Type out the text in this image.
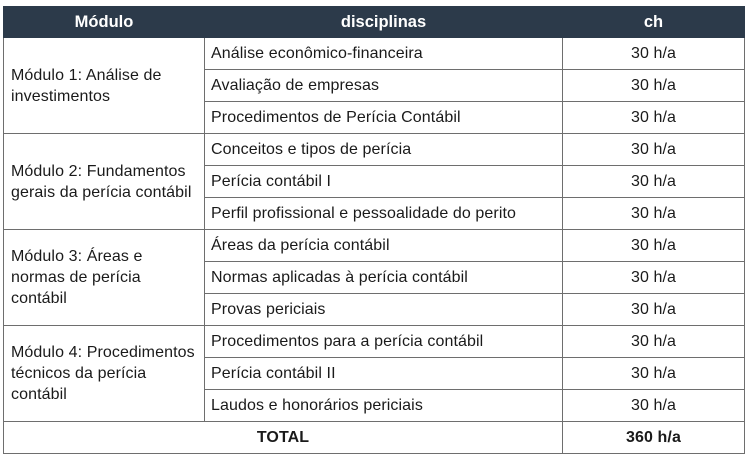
Módulo	disciplinas	ch
Módulo 1: Análise de investimentos	Análise econômico-financeira	30 h/a
	Avaliação de empresas	30 h/a
	Procedimentos de Perícia Contábil	30 h/a
Módulo 2: Fundamentos gerais da perícia contábil	Conceitos e tipos de perícia	30 h/a
	Perícia contábil I	30 h/a
	Perfil profissional e pessoalidade do perito	30 h/a
Módulo 3: Áreas e normas de perícia contábil	Áreas da perícia contábil	30 h/a
	Normas aplicadas à perícia contábil	30 h/a
	Provas periciais	30 h/a
Módulo 4: Procedimentos técnicos da perícia contábil	Procedimentos para a perícia contábil	30 h/a
	Perícia contábil II	30 h/a
	Laudos e honorários periciais	30 h/a
TOTAL		360 h/a
